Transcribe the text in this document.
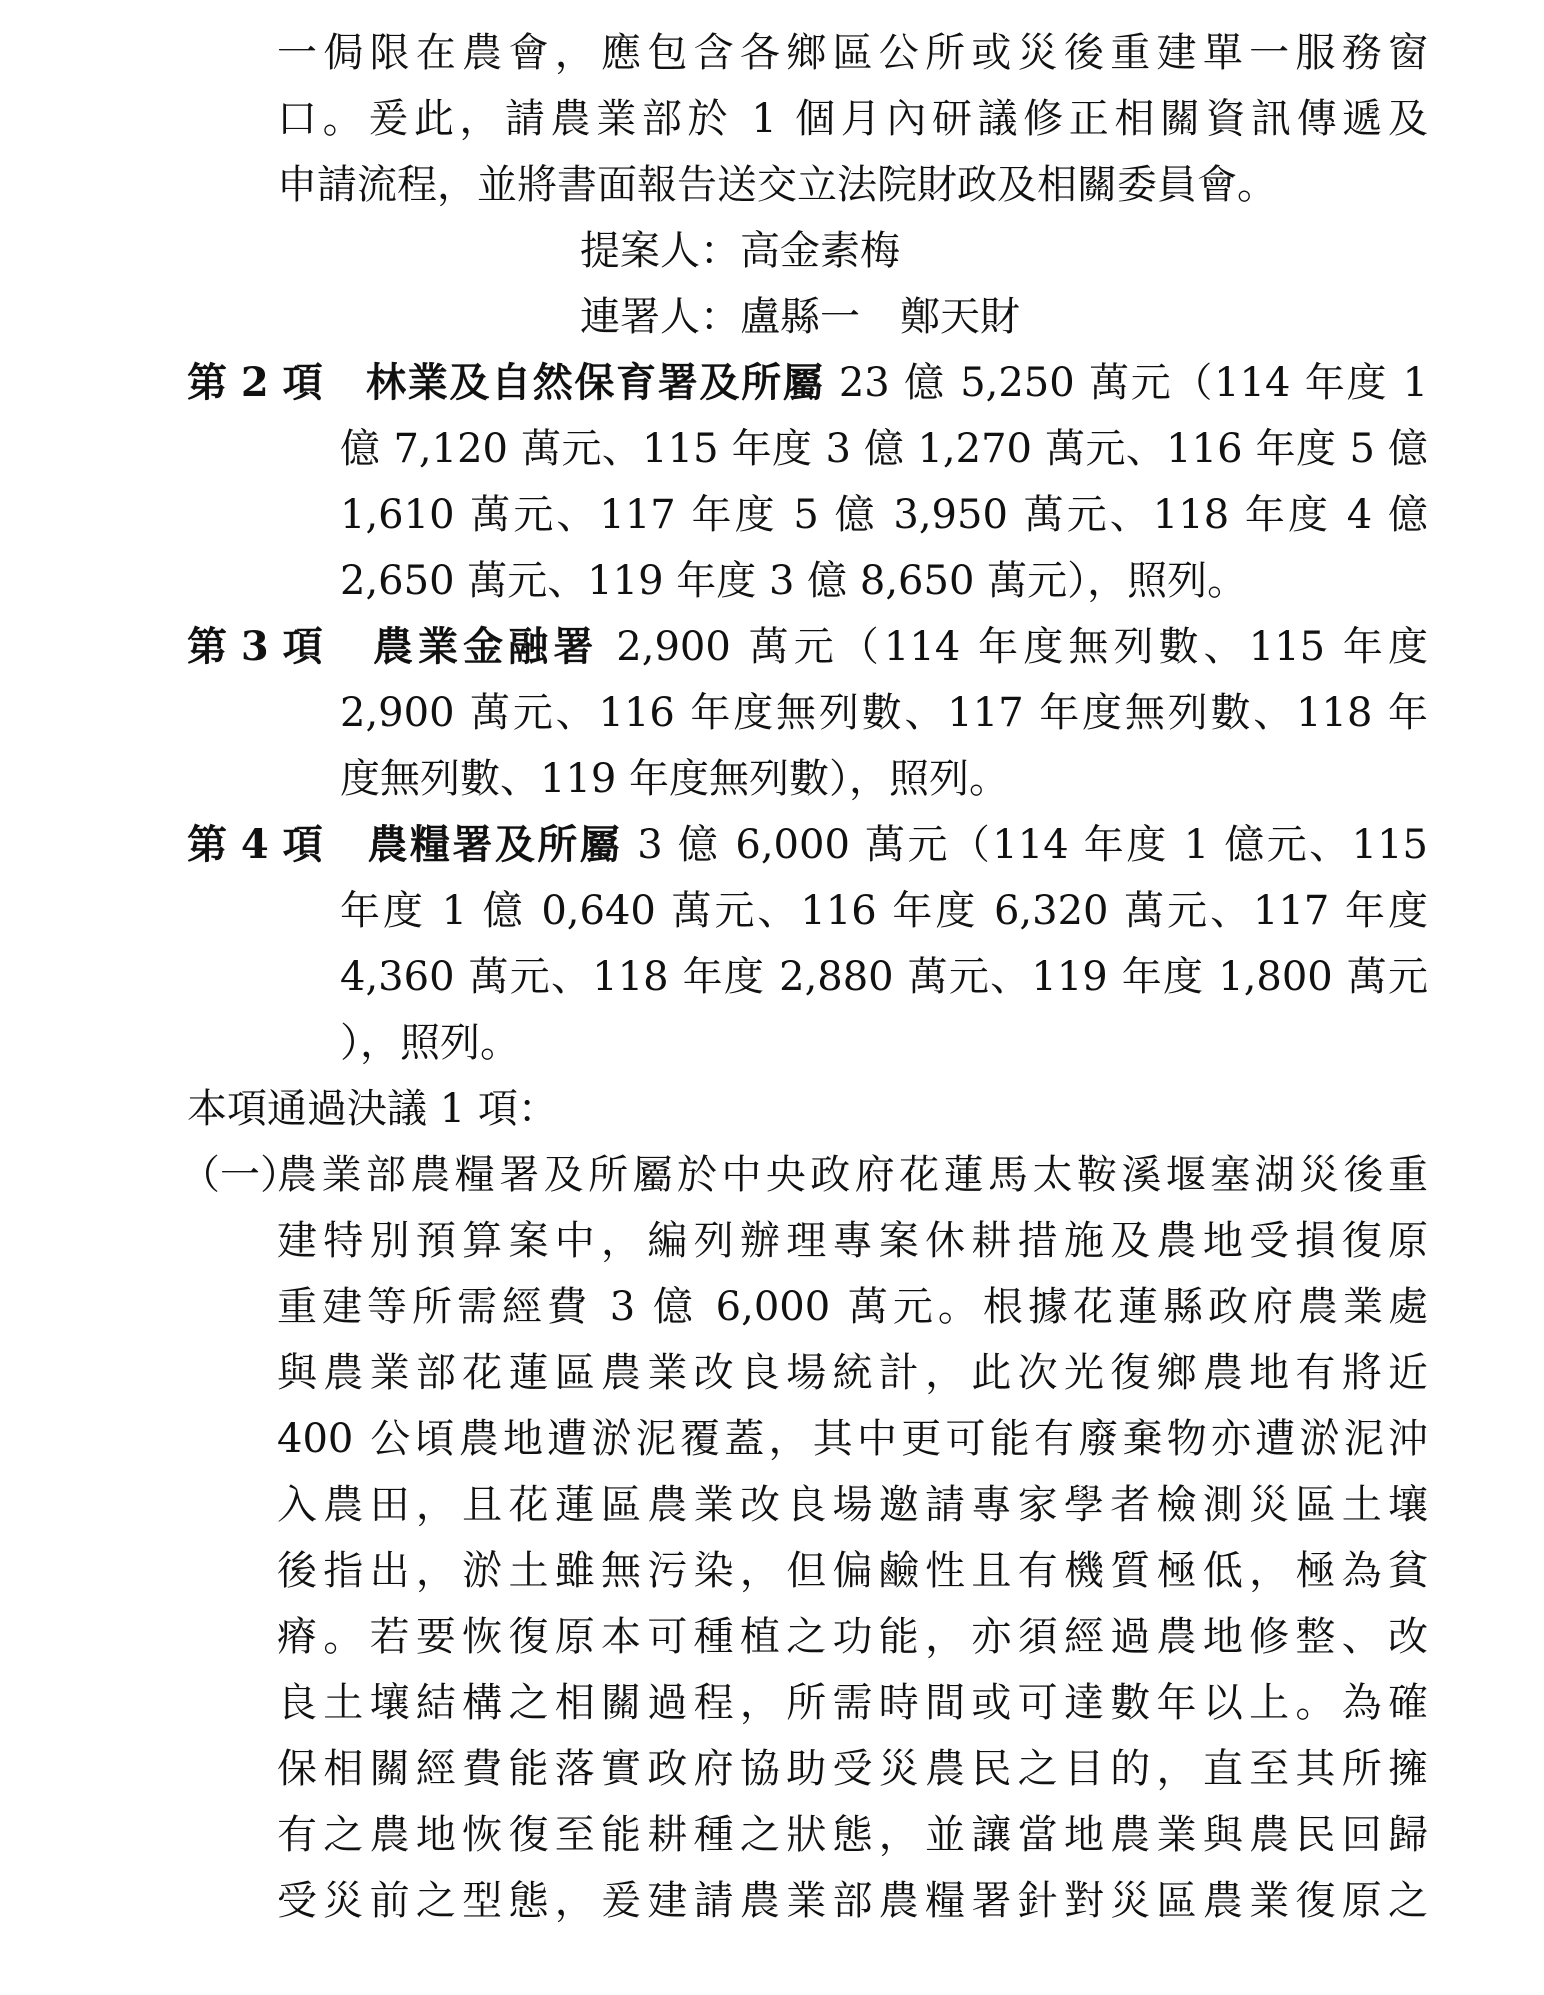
一侷限在農會，應包含各鄉區公所或災後重建單一服務窗
口。爰此，請農業部於 1 個月內研議修正相關資訊傳遞及
申請流程，並將書面報告送交立法院財政及相關委員會。
提案人：高金素梅
連署人：盧縣一　鄭天財
第 2 項　 林業及自然保育署及所屬 23 億 5,250 萬元（114 年度 1
億 7,120 萬元、115 年度 3 億 1,270 萬元、116 年度 5 億
1,610 萬元、117 年度 5 億 3,950 萬元、118 年度 4 億
2,650 萬元、119 年度 3 億 8,650 萬元），照列。
第 3 項　 農業金融署 2,900 萬元（114 年度無列數、115 年度
2,900 萬元、116 年度無列數、117 年度無列數、118 年
度無列數、119 年度無列數），照列。
第 4 項　 農糧署及所屬 3 億 6,000 萬元（114 年度 1 億元、115
年度 1 億 0,640 萬元、116 年度 6,320 萬元、117 年度
4,360 萬元、118 年度 2,880 萬元、119 年度 1,800 萬元
），照列。
本項通過決議 1 項：
（一）
農業部農糧署及所屬於中央政府花蓮馬太鞍溪堰塞湖災後重
建特別預算案中，編列辦理專案休耕措施及農地受損復原
重建等所需經費 3 億 6,000 萬元。根據花蓮縣政府農業處
與農業部花蓮區農業改良場統計，此次光復鄉農地有將近
400 公頃農地遭淤泥覆蓋，其中更可能有廢棄物亦遭淤泥沖
入農田，且花蓮區農業改良場邀請專家學者檢測災區土壤
後指出，淤土雖無污染，但偏鹼性且有機質極低，極為貧
瘠。若要恢復原本可種植之功能，亦須經過農地修整、改
良土壤結構之相關過程，所需時間或可達數年以上。為確
保相關經費能落實政府協助受災農民之目的，直至其所擁
有之農地恢復至能耕種之狀態，並讓當地農業與農民回歸
受災前之型態，爰建請農業部農糧署針對災區農業復原之
